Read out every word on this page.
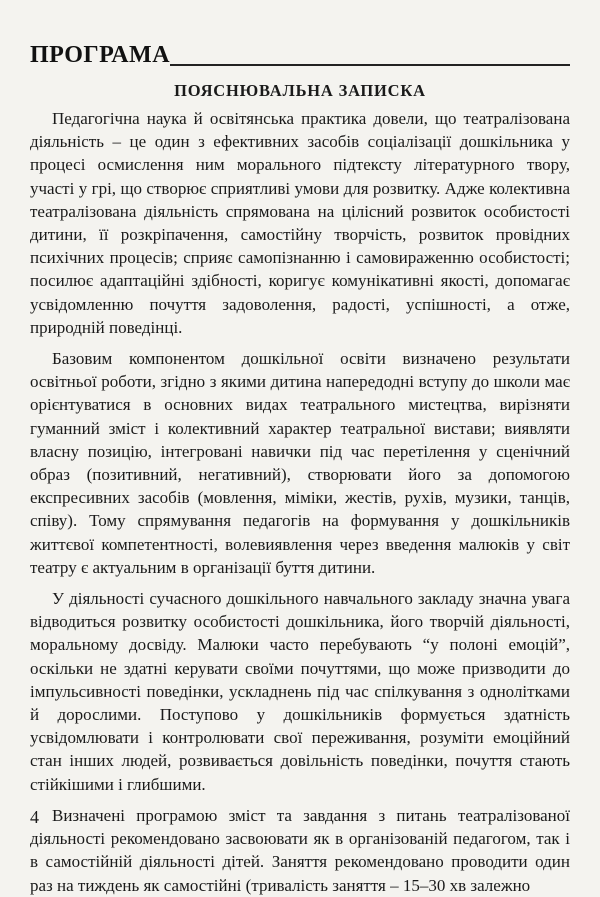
ПРОГРАМА
ПОЯСНЮВАЛЬНА ЗАПИСКА

Педагогічна наука й освітянська практика довели, що театралізована діяльність – це один з ефективних засобів соціалізації дошкільника у процесі осмислення ним морального підтексту літературного твору, участі у грі, що створює сприятливі умови для розвитку. Адже колективна театралізована діяльність спрямована на цілісний розвиток особистості дитини, її розкріпачення, самостійну творчість, розвиток провідних психічних процесів; сприяє самопізнанню і самовираженню особистості; посилює адаптаційні здібності, коригує комунікативні якості, допомагає усвідомленню почуття задоволення, радості, успішності, а отже, природній поведінці.

Базовим компонентом дошкільної освіти визначено результати освітньої роботи, згідно з якими дитина напередодні вступу до школи має орієнтуватися в основних видах театрального мистецтва, вирізняти гуманний зміст і колективний характер театральної вистави; виявляти власну позицію, інтегровані навички під час перетілення у сценічний образ (позитивний, негативний), створювати його за допомогою експресивних засобів (мовлення, міміки, жестів, рухів, музики, танців, співу). Тому спрямування педагогів на формування у дошкільників життєвої компетентності, волевиявлення через введення малюків у світ театру є актуальним в організації буття дитини.

У діяльності сучасного дошкільного навчального закладу значна увага відводиться розвитку особистості дошкільника, його творчій діяльності, моральному досвіду. Малюки часто перебувають “у полоні емоцій”, оскільки не здатні керувати своїми почуттями, що може призводити до імпульсивності поведінки, ускладнень під час спілкування з однолітками й дорослими. Поступово у дошкільників формується здатність усвідомлювати і контролювати свої переживання, розуміти емоційний стан інших людей, розвивається довільність поведінки, почуття стають стійкішими і глибшими.

Визначені програмою зміст та завдання з питань театралізованої діяльності рекомендовано засвоювати як в організованій педагогом, так і в самостійній діяльності дітей. Заняття рекомендовано проводити один раз на тиждень як самостійні (тривалість заняття – 15–30 хв залежно

4
